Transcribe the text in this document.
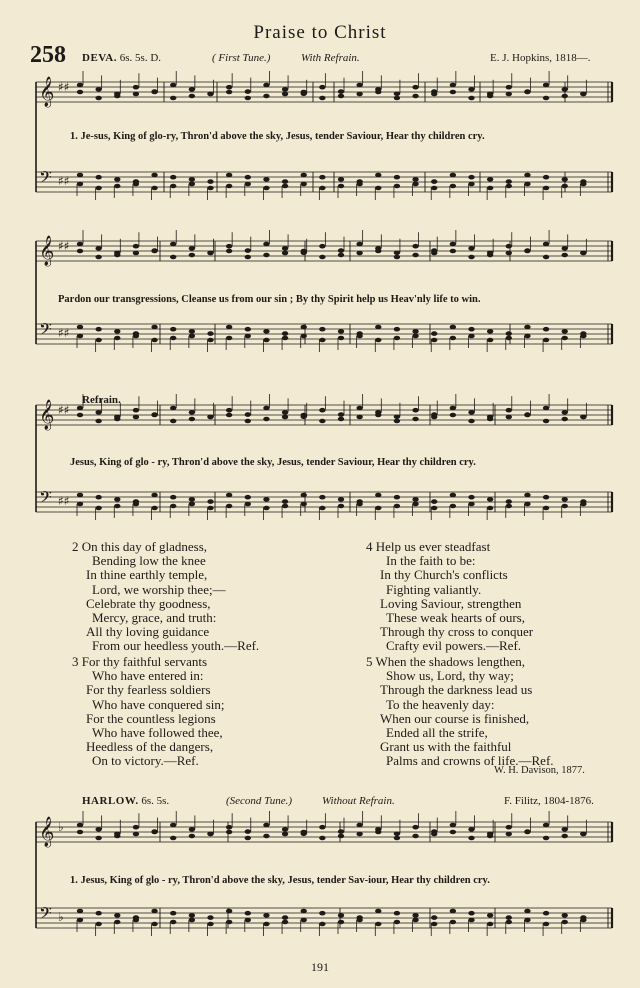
Praise to Christ
258 DEVA. 6s. 5s. D.	( First Tune.)	With Refrain.	E. J. Hopkins, 1818—.
𝄞
𝄢
♯♯
♯♯
𝄞
𝄢
♯♯
♯♯
𝄞
𝄢
♯♯
♯♯
𝄞
𝄢
♭
♭
1. Je-sus, King of glo-ry, Thron'd above the sky, Jesus, tender Saviour, Hear thy children cry.
Pardon our transgressions, Cleanse us from our sin ; By thy Spirit help us Heav'nly life to win.
Refrain.
Jesus, King of glo - ry, Thron'd above the sky, Jesus, tender Saviour, Hear thy children cry.
2 On this day of gladness,
Bending low the knee
In thine earthly temple,
Lord, we worship thee;—
Celebrate thy goodness,
Mercy, grace, and truth:
All thy loving guidance
From our heedless youth.—Ref.
3 For thy faithful servants
Who have entered in:
For thy fearless soldiers
Who have conquered sin;
For the countless legions
Who have followed thee,
Heedless of the dangers,
On to victory.—Ref.
4 Help us ever steadfast
In the faith to be:
In thy Church's conflicts
Fighting valiantly.
Loving Saviour, strengthen
These weak hearts of ours,
Through thy cross to conquer
Crafty evil powers.—Ref.
5 When the shadows lengthen,
Show us, Lord, thy way;
Through the darkness lead us
To the heavenly day:
When our course is finished,
Ended all the strife,
Grant us with the faithful
Palms and crowns of life.—Ref.
W. H. Davison, 1877.
HARLOW. 6s. 5s.	(Second Tune.)	Without Refrain.	F. Filitz, 1804-1876.
1. Jesus, King of glo - ry, Thron'd above the sky, Jesus, tender Sav-iour, Hear thy children cry.
191
